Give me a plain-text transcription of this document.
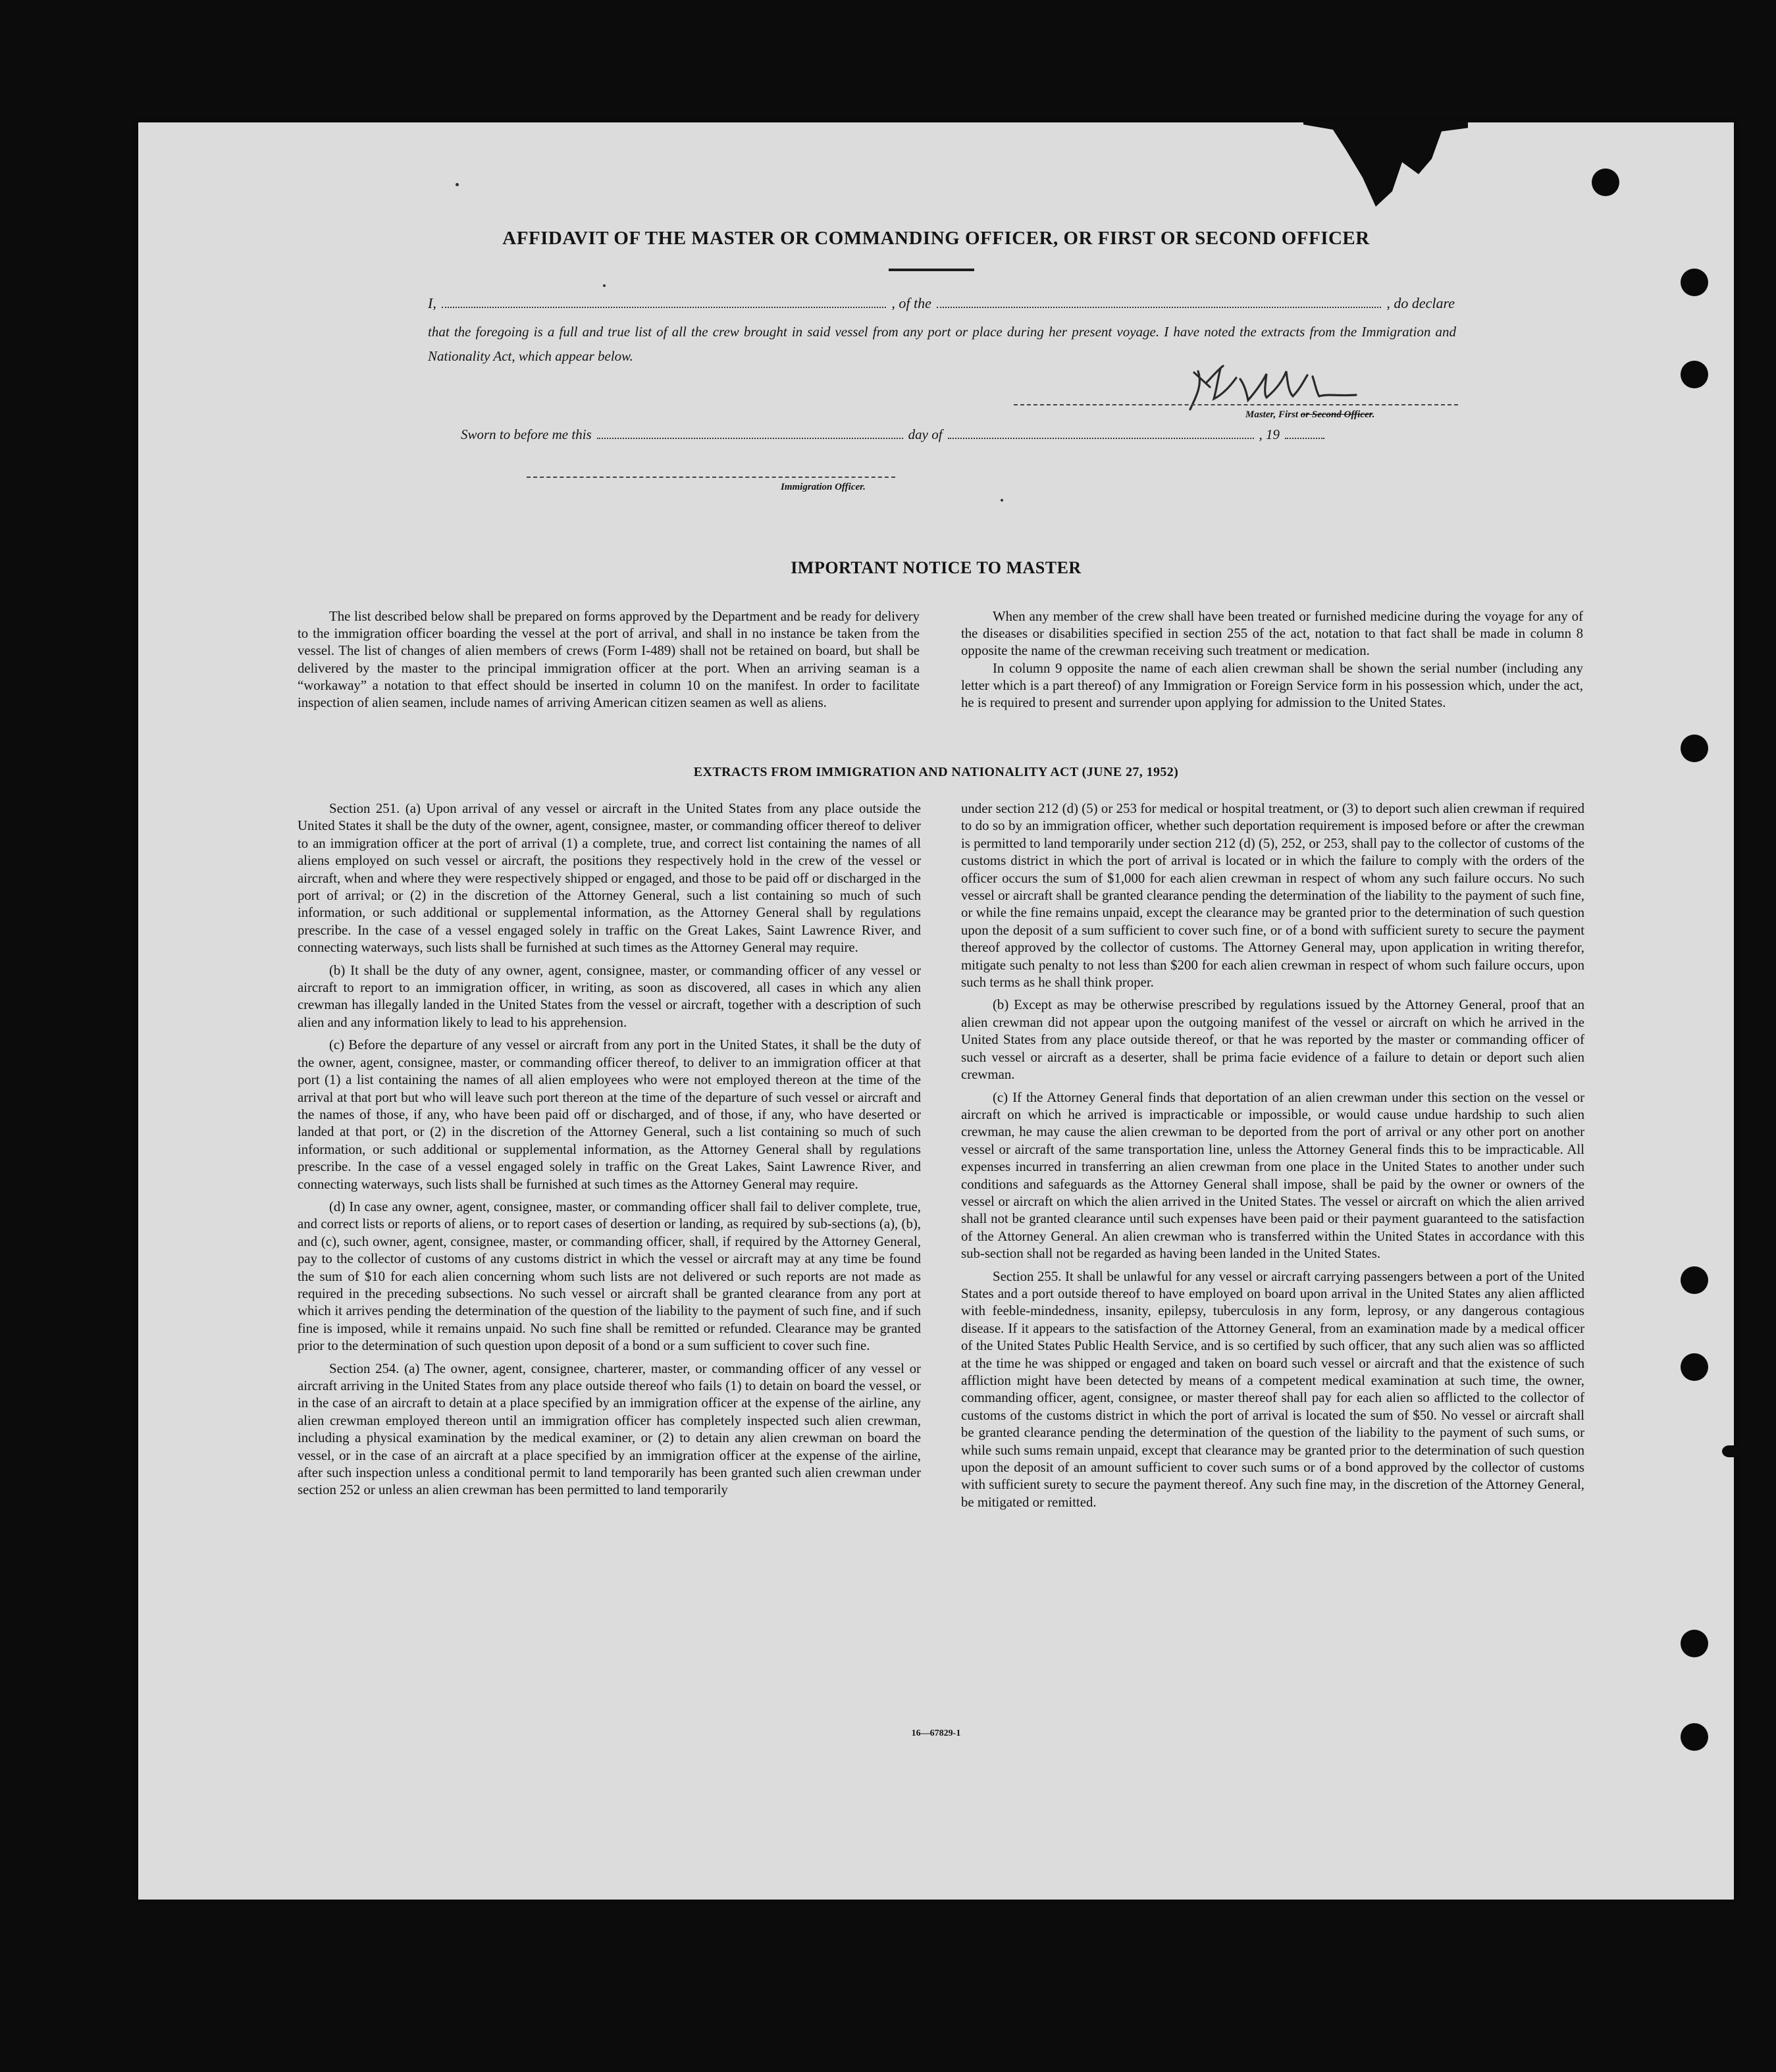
AFFIDAVIT OF THE MASTER OR COMMANDING OFFICER, OR FIRST OR SECOND OFFICER
I,	, of the	, do declare

that the foregoing is a full and true list of all the crew brought in said vessel from any port or place during her present voyage. I have noted the extracts from the Immigration and Nationality Act, which appear below.

Master, First or Second Officer.
Sworn to before me this	day of	, 19
Immigration Officer.
IMPORTANT NOTICE TO MASTER

The list described below shall be prepared on forms approved by the Department and be ready for delivery to the immigration officer boarding the vessel at the port of arrival, and shall in no instance be taken from the vessel. The list of changes of alien members of crews (Form I-489) shall not be retained on board, but shall be delivered by the master to the principal immigration officer at the port. When an arriving seaman is a “workaway” a notation to that effect should be inserted in column 10 on the manifest. In order to facilitate inspection of alien seamen, include names of arriving American citizen seamen as well as aliens.

When any member of the crew shall have been treated or furnished medicine during the voyage for any of the diseases or disabilities specified in section 255 of the act, notation to that fact shall be made in column 8 opposite the name of the crewman receiving such treatment or medication.

In column 9 opposite the name of each alien crewman shall be shown the serial number (including any letter which is a part thereof) of any Immigration or Foreign Service form in his possession which, under the act, he is required to present and surrender upon applying for admission to the United States.

EXTRACTS FROM IMMIGRATION AND NATIONALITY ACT (JUNE 27, 1952)

Section 251. (a) Upon arrival of any vessel or aircraft in the United States from any place outside the United States it shall be the duty of the owner, agent, consignee, master, or commanding officer thereof to deliver to an immigration officer at the port of arrival (1) a complete, true, and correct list containing the names of all aliens employed on such vessel or aircraft, the positions they respectively hold in the crew of the vessel or aircraft, when and where they were respectively shipped or engaged, and those to be paid off or discharged in the port of arrival; or (2) in the discretion of the Attorney General, such a list containing so much of such information, or such additional or supplemental information, as the Attorney General shall by regulations prescribe. In the case of a vessel engaged solely in traffic on the Great Lakes, Saint Lawrence River, and connecting waterways, such lists shall be furnished at such times as the Attorney General may require.

(b) It shall be the duty of any owner, agent, consignee, master, or commanding officer of any vessel or aircraft to report to an immigration officer, in writing, as soon as discovered, all cases in which any alien crewman has illegally landed in the United States from the vessel or aircraft, together with a description of such alien and any information likely to lead to his apprehension.

(c) Before the departure of any vessel or aircraft from any port in the United States, it shall be the duty of the owner, agent, consignee, master, or commanding officer thereof, to deliver to an immigration officer at that port (1) a list containing the names of all alien employees who were not employed thereon at the time of the arrival at that port but who will leave such port thereon at the time of the departure of such vessel or aircraft and the names of those, if any, who have been paid off or discharged, and of those, if any, who have deserted or landed at that port, or (2) in the discretion of the Attorney General, such a list containing so much of such information, or such additional or supplemental information, as the Attorney General shall by regulations prescribe. In the case of a vessel engaged solely in traffic on the Great Lakes, Saint Lawrence River, and connecting waterways, such lists shall be furnished at such times as the Attorney General may require.

(d) In case any owner, agent, consignee, master, or commanding officer shall fail to deliver complete, true, and correct lists or reports of aliens, or to report cases of desertion or landing, as required by sub-sections (a), (b), and (c), such owner, agent, consignee, master, or commanding officer, shall, if required by the Attorney General, pay to the collector of customs of any customs district in which the vessel or aircraft may at any time be found the sum of $10 for each alien concerning whom such lists are not delivered or such reports are not made as required in the preceding subsections. No such vessel or aircraft shall be granted clearance from any port at which it arrives pending the determination of the question of the liability to the payment of such fine, and if such fine is imposed, while it remains unpaid. No such fine shall be remitted or refunded. Clearance may be granted prior to the determination of such question upon deposit of a bond or a sum sufficient to cover such fine.

Section 254. (a) The owner, agent, consignee, charterer, master, or commanding officer of any vessel or aircraft arriving in the United States from any place outside thereof who fails (1) to detain on board the vessel, or in the case of an aircraft to detain at a place specified by an immigration officer at the expense of the airline, any alien crewman employed thereon until an immigration officer has completely inspected such alien crewman, including a physical examination by the medical examiner, or (2) to detain any alien crewman on board the vessel, or in the case of an aircraft at a place specified by an immigration officer at the expense of the airline, after such inspection unless a conditional permit to land temporarily has been granted such alien crewman under section 252 or unless an alien crewman has been permitted to land temporarily

under section 212 (d) (5) or 253 for medical or hospital treatment, or (3) to deport such alien crewman if required to do so by an immigration officer, whether such deportation requirement is imposed before or after the crewman is permitted to land temporarily under section 212 (d) (5), 252, or 253, shall pay to the collector of customs of the customs district in which the port of arrival is located or in which the failure to comply with the orders of the officer occurs the sum of $1,000 for each alien crewman in respect of whom any such failure occurs. No such vessel or aircraft shall be granted clearance pending the determination of the liability to the payment of such fine, or while the fine remains unpaid, except the clearance may be granted prior to the determination of such question upon the deposit of a sum sufficient to cover such fine, or of a bond with sufficient surety to secure the payment thereof approved by the collector of customs. The Attorney General may, upon application in writing therefor, mitigate such penalty to not less than $200 for each alien crewman in respect of whom such failure occurs, upon such terms as he shall think proper.

(b) Except as may be otherwise prescribed by regulations issued by the Attorney General, proof that an alien crewman did not appear upon the outgoing manifest of the vessel or aircraft on which he arrived in the United States from any place outside thereof, or that he was reported by the master or commanding officer of such vessel or aircraft as a deserter, shall be prima facie evidence of a failure to detain or deport such alien crewman.

(c) If the Attorney General finds that deportation of an alien crewman under this section on the vessel or aircraft on which he arrived is impracticable or impossible, or would cause undue hardship to such alien crewman, he may cause the alien crewman to be deported from the port of arrival or any other port on another vessel or aircraft of the same transportation line, unless the Attorney General finds this to be impracticable. All expenses incurred in transferring an alien crewman from one place in the United States to another under such conditions and safeguards as the Attorney General shall impose, shall be paid by the owner or owners of the vessel or aircraft on which the alien arrived in the United States. The vessel or aircraft on which the alien arrived shall not be granted clearance until such expenses have been paid or their payment guaranteed to the satisfaction of the Attorney General. An alien crewman who is transferred within the United States in accordance with this sub-section shall not be regarded as having been landed in the United States.

Section 255. It shall be unlawful for any vessel or aircraft carrying passengers between a port of the United States and a port outside thereof to have employed on board upon arrival in the United States any alien afflicted with feeble-mindedness, insanity, epilepsy, tuberculosis in any form, leprosy, or any dangerous contagious disease. If it appears to the satisfaction of the Attorney General, from an examination made by a medical officer of the United States Public Health Service, and is so certified by such officer, that any such alien was so afflicted at the time he was shipped or engaged and taken on board such vessel or aircraft and that the existence of such affliction might have been detected by means of a competent medical examination at such time, the owner, commanding officer, agent, consignee, or master thereof shall pay for each alien so afflicted to the collector of customs of the customs district in which the port of arrival is located the sum of $50. No vessel or aircraft shall be granted clearance pending the determination of the question of the liability to the payment of such sums, or while such sums remain unpaid, except that clearance may be granted prior to the determination of such question upon the deposit of an amount sufficient to cover such sums or of a bond approved by the collector of customs with sufficient surety to secure the payment thereof. Any such fine may, in the discretion of the Attorney General, be mitigated or remitted.

16—67829-1
